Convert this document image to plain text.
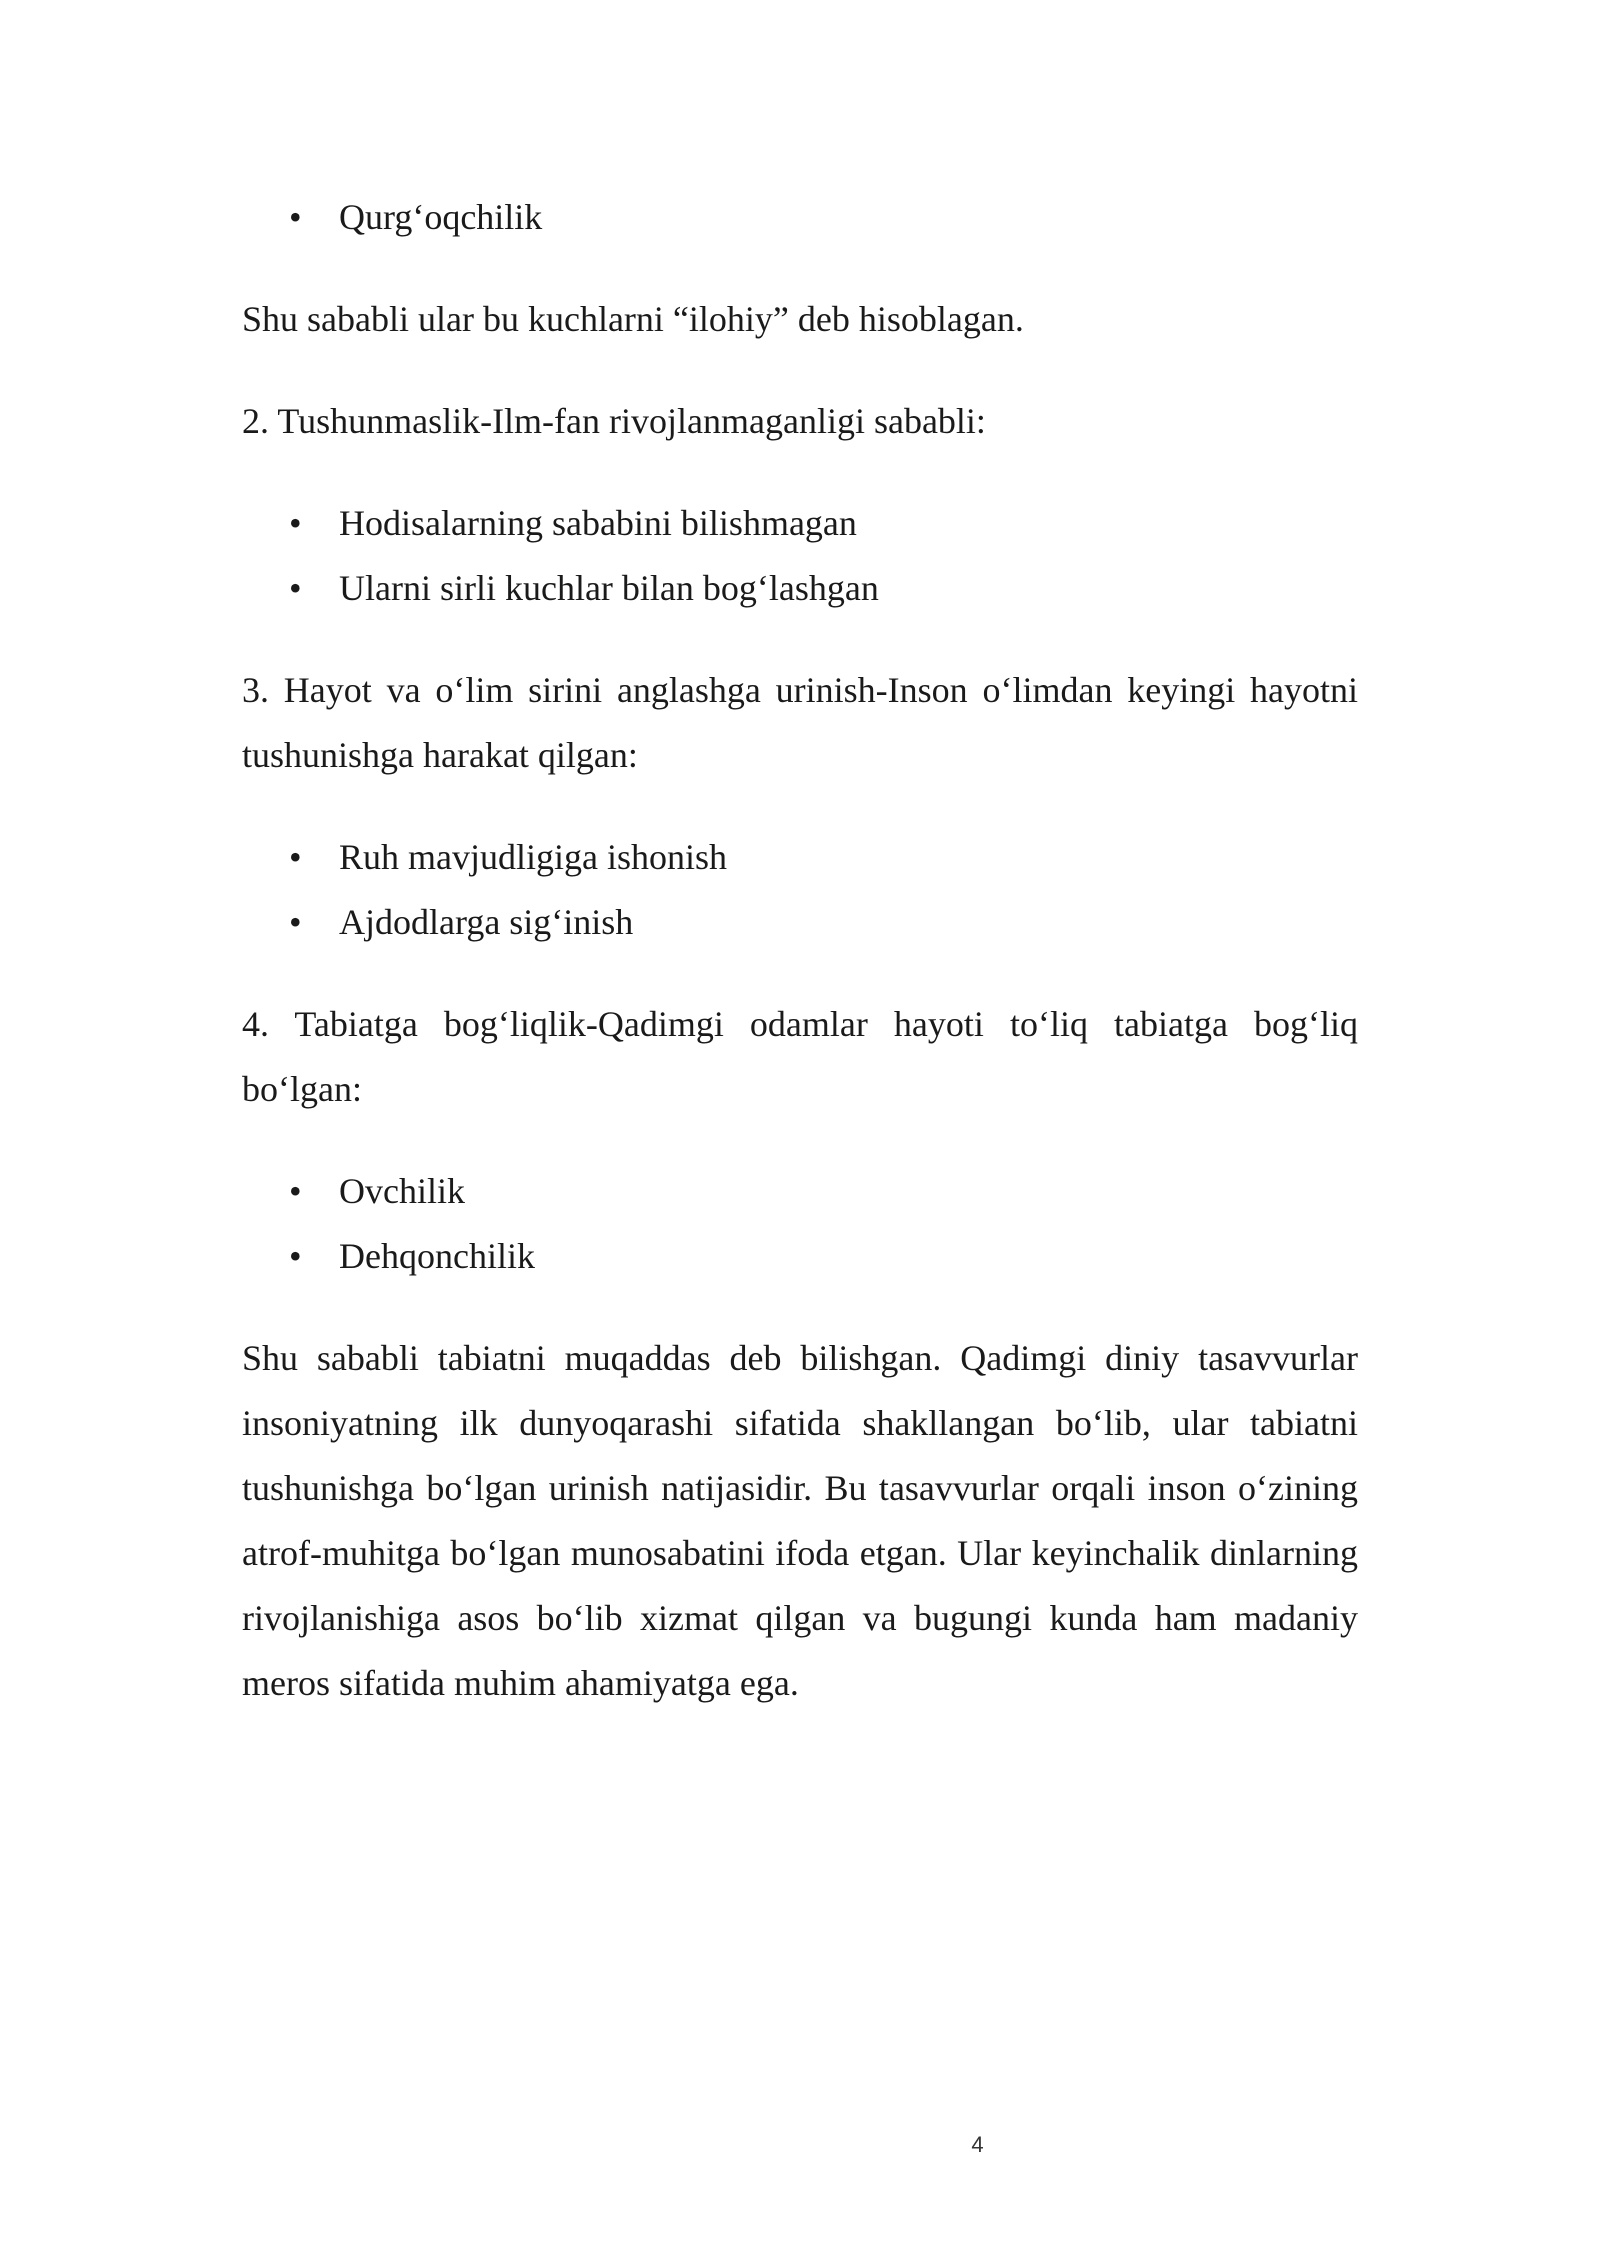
• Qurg‘oqchilik

Shu sababli ular bu kuchlarni “ilohiy” deb hisoblagan.

2. Tushunmaslik-Ilm-fan rivojlanmaganligi sababli:

• Hodisalarning sababini bilishmagan
• Ularni sirli kuchlar bilan bog‘lashgan

3. Hayot va o‘lim sirini anglashga urinish-Inson o‘limdan keyingi hayotni tushunishga harakat qilgan:

• Ruh mavjudligiga ishonish
• Ajdodlarga sig‘inish

4. Tabiatga bog‘liqlik-Qadimgi odamlar hayoti to‘liq tabiatga bog‘liq bo‘lgan:

• Ovchilik
• Dehqonchilik

Shu sababli tabiatni muqaddas deb bilishgan. Qadimgi diniy tasavvurlar insoniyatning ilk dunyoqarashi sifatida shakllangan bo‘lib, ular tabiatni tushunishga bo‘lgan urinish natijasidir. Bu tasavvurlar orqali inson o‘zining atrof-muhitga bo‘lgan munosabatini ifoda etgan. Ular keyinchalik dinlarning rivojlanishiga asos bo‘lib xizmat qilgan va bugungi kunda ham madaniy meros sifatida muhim ahamiyatga ega.

4
